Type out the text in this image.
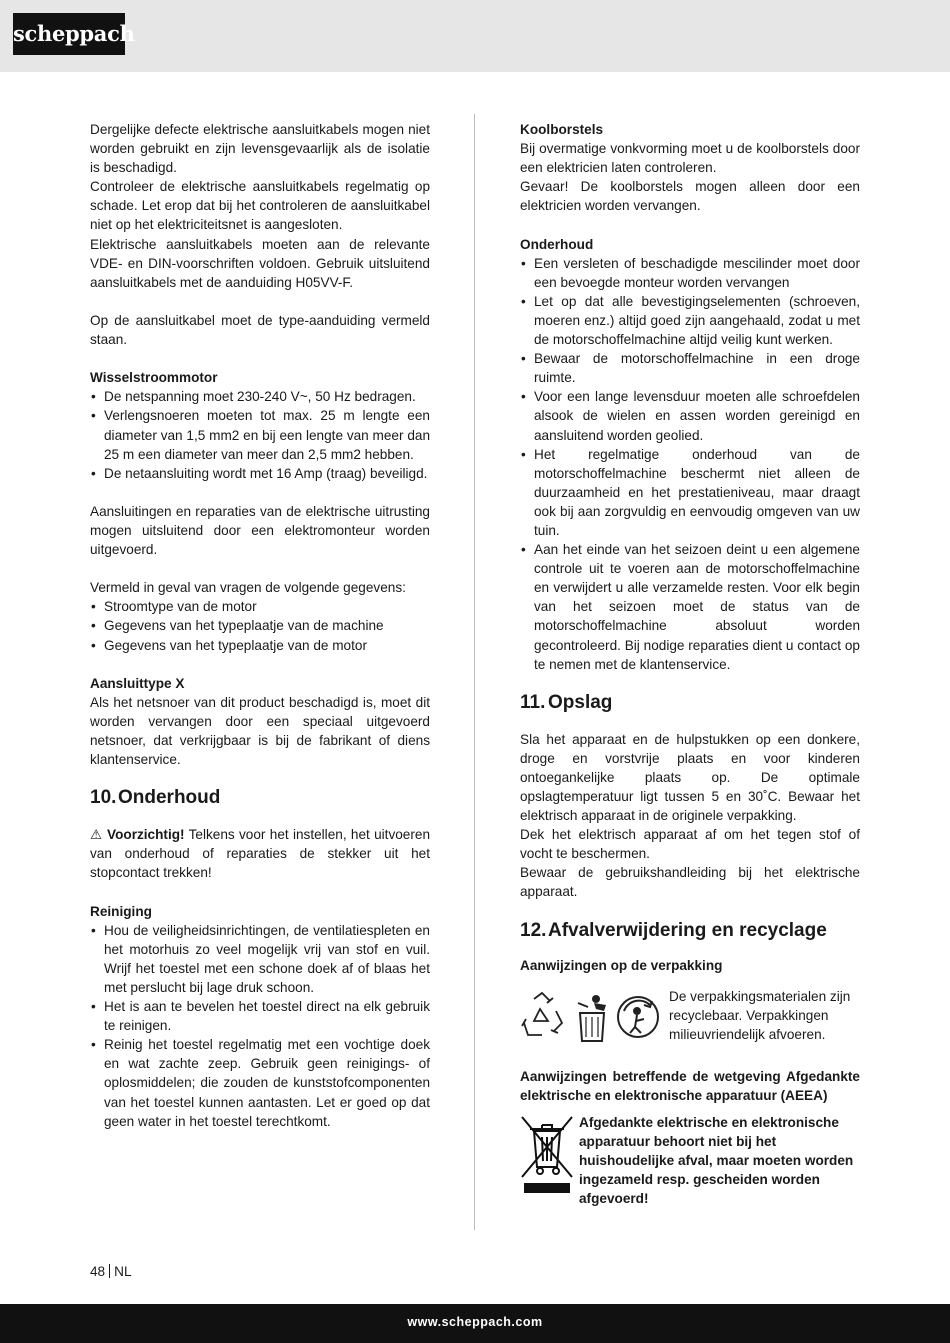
scheppach

Dergelijke defecte elektrische aansluitkabels mogen niet worden gebruikt en zijn levensgevaarlijk als de isolatie is beschadigd.

Controleer de elektrische aansluitkabels regelmatig op schade. Let erop dat bij het controleren de aansluitkabel niet op het elektriciteitsnet is aangesloten.

Elektrische aansluitkabels moeten aan de relevante VDE- en DIN-voorschriften voldoen. Gebruik uitsluitend aansluitkabels met de aanduiding H05VV-F.

Op de aansluitkabel moet de type-aanduiding vermeld staan.

Wisselstroommotor

• De netspanning moet 230-240 V~, 50 Hz bedragen.
• Verlengsnoeren moeten tot max. 25 m lengte een diameter van 1,5 mm2 en bij een lengte van meer dan 25 m een diameter van meer dan 2,5 mm2 hebben.
• De netaansluiting wordt met 16 Amp (traag) beveiligd.

Aansluitingen en reparaties van de elektrische uitrusting mogen uitsluitend door een elektromonteur worden uitgevoerd.

Vermeld in geval van vragen de volgende gegevens:

• Stroomtype van de motor
• Gegevens van het typeplaatje van de machine
• Gegevens van het typeplaatje van de motor

Aansluittype X

Als het netsnoer van dit product beschadigd is, moet dit worden vervangen door een speciaal uitgevoerd netsnoer, dat verkrijgbaar is bij de fabrikant of diens klantenservice.

10.Onderhoud

⚠ Voorzichtig! Telkens voor het instellen, het uitvoeren van onderhoud of reparaties de stekker uit het stopcontact trekken!

Reiniging

• Hou de veiligheidsinrichtingen, de ventilatiespleten en het motorhuis zo veel mogelijk vrij van stof en vuil. Wrijf het toestel met een schone doek af of blaas het met perslucht bij lage druk schoon.
• Het is aan te bevelen het toestel direct na elk gebruik te reinigen.
• Reinig het toestel regelmatig met een vochtige doek en wat zachte zeep. Gebruik geen reinigings- of oplosmiddelen; die zouden de kunststofcomponenten van het toestel kunnen aantasten. Let er goed op dat geen water in het toestel terechtkomt.

Koolborstels

Bij overmatige vonkvorming moet u de koolborstels door een elektricien laten controleren.

Gevaar! De koolborstels mogen alleen door een elektricien worden vervangen.

Onderhoud

• Een versleten of beschadigde mescilinder moet door een bevoegde monteur worden vervangen
• Let op dat alle bevestigingselementen (schroeven, moeren enz.) altijd goed zijn aangehaald, zodat u met de motorschoffelmachine altijd veilig kunt werken.
• Bewaar de motorschoffelmachine in een droge ruimte.
• Voor een lange levensduur moeten alle schroefdelen alsook de wielen en assen worden gereinigd en aansluitend worden geolied.
• Het regelmatige onderhoud van de motorschoffelmachine beschermt niet alleen de duurzaamheid en het prestatieniveau, maar draagt ook bij aan zorgvuldig en eenvoudig omgeven van uw tuin.
• Aan het einde van het seizoen deint u een algemene controle uit te voeren aan de motorschoffelmachine en verwijdert u alle verzamelde resten. Voor elk begin van het seizoen moet de status van de motorschoffelmachine absoluut worden gecontroleerd. Bij nodige reparaties dient u contact op te nemen met de klantenservice.
11. Opslag

Sla het apparaat en de hulpstukken op een donkere, droge en vorstvrije plaats en voor kinderen ontoegankelijke plaats op. De optimale opslagtemperatuur ligt tussen 5 en 30˚C. Bewaar het elektrisch apparaat in de originele verpakking.

Dek het elektrisch apparaat af om het tegen stof of vocht te beschermen.

Bewaar de gebruikshandleiding bij het elektrische apparaat.

12.Afvalverwijdering en recyclage

Aanwijzingen op de verpakking

De verpakkingsmaterialen zijn recyclebaar. Verpakkingen milieuvriendelijk afvoeren.

Aanwijzingen betreffende de wetgeving Afgedankte elektrische en elektronische apparatuur (AEEA)

Afgedankte elektrische en elektronische apparatuur behoort niet bij het huishoudelijke afval, maar moeten worden ingezameld resp. gescheiden worden afgevoerd!
48 NL
www.scheppach.com
